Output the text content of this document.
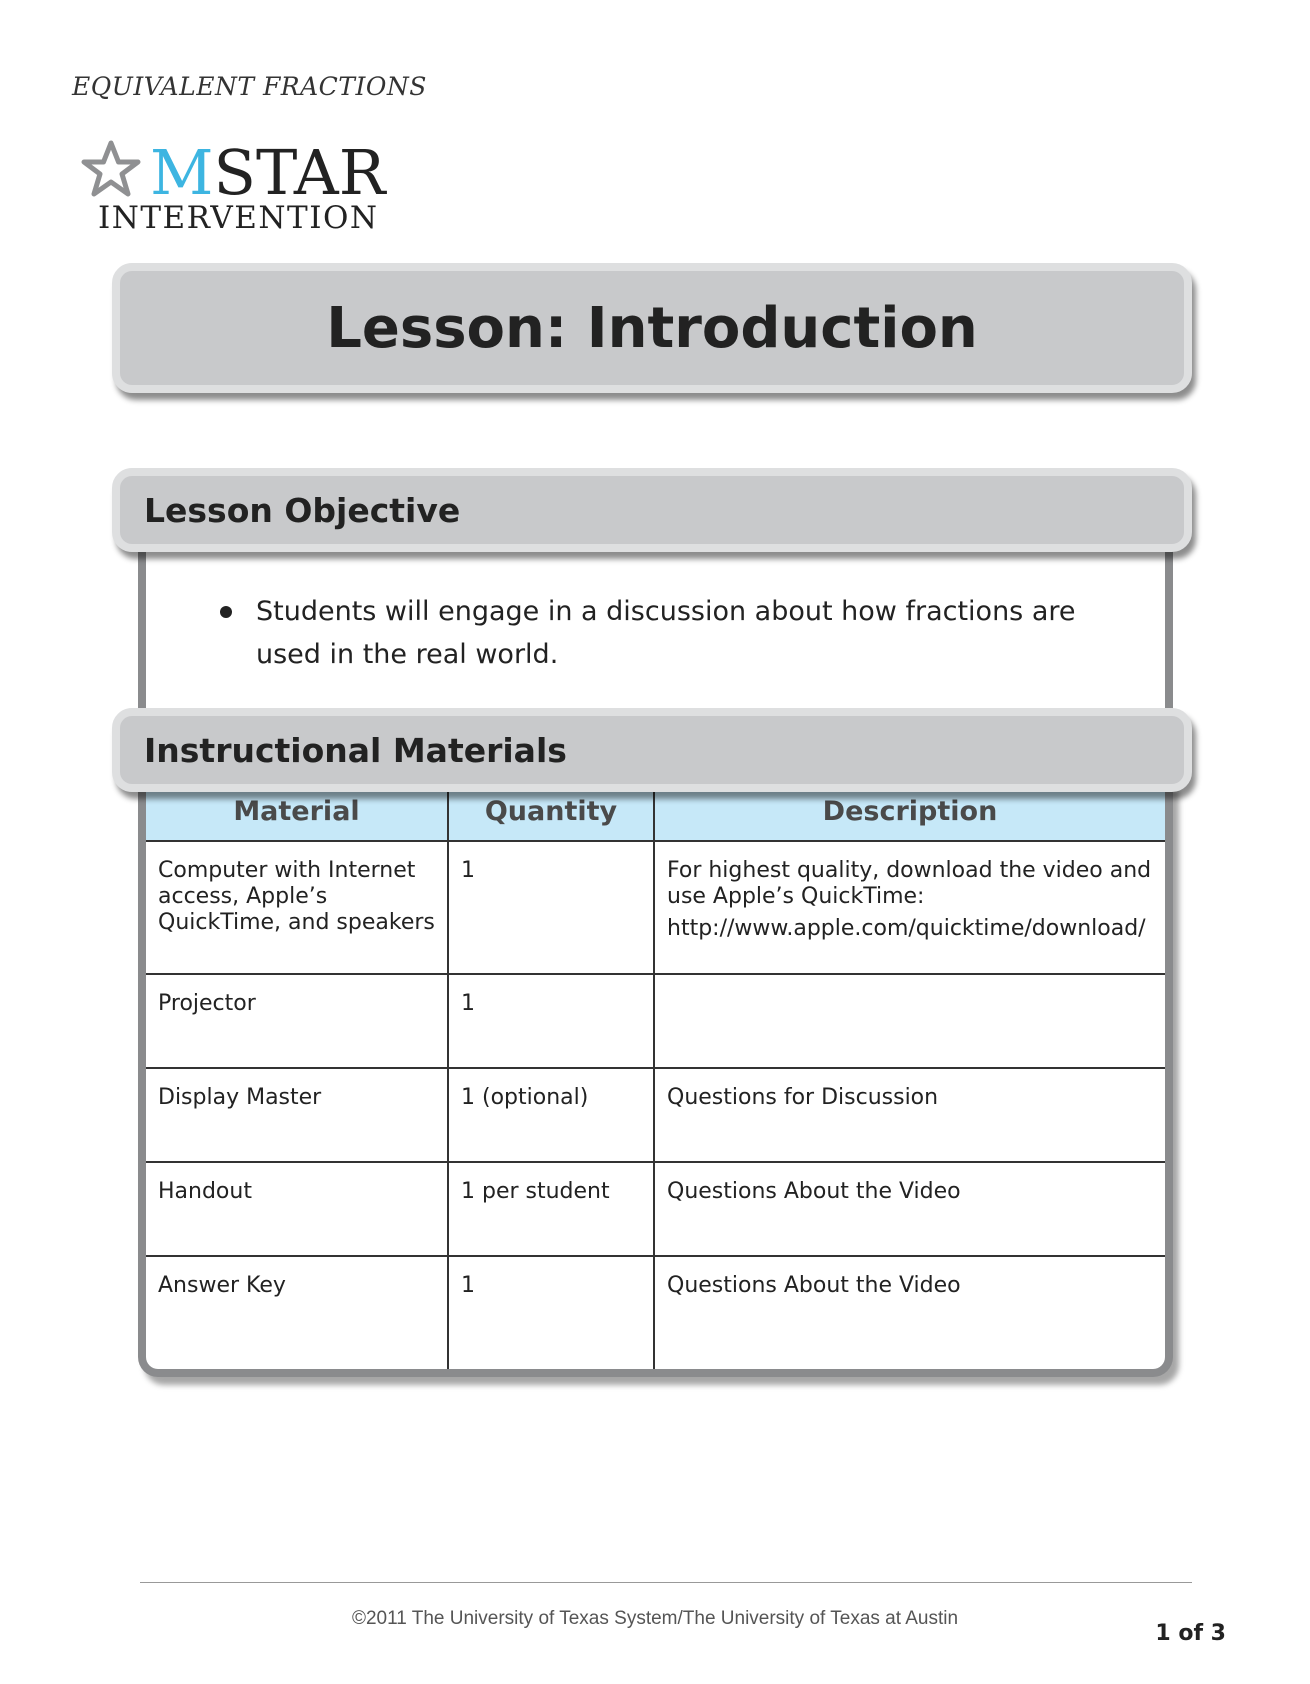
EQUIVALENT FRACTIONS
MSTAR
INTERVENTION
Lesson: Introduction
Lesson Objective
Students will engage in a discussion about how fractions are used in the real world.
Instructional Materials
Material	Quantity	Description
Computer with Internet access, Apple’s QuickTime, and speakers	1	For highest quality, download the video and use Apple’s QuickTime:
http://www.apple.com/quicktime/download/

Projector	1	
Display Master	1 (optional)	Questions for Discussion
Handout	1 per student	Questions About the Video
Answer Key	1	Questions About the Video
©2011 The University of Texas System/The University of Texas at Austin
1 of 3
